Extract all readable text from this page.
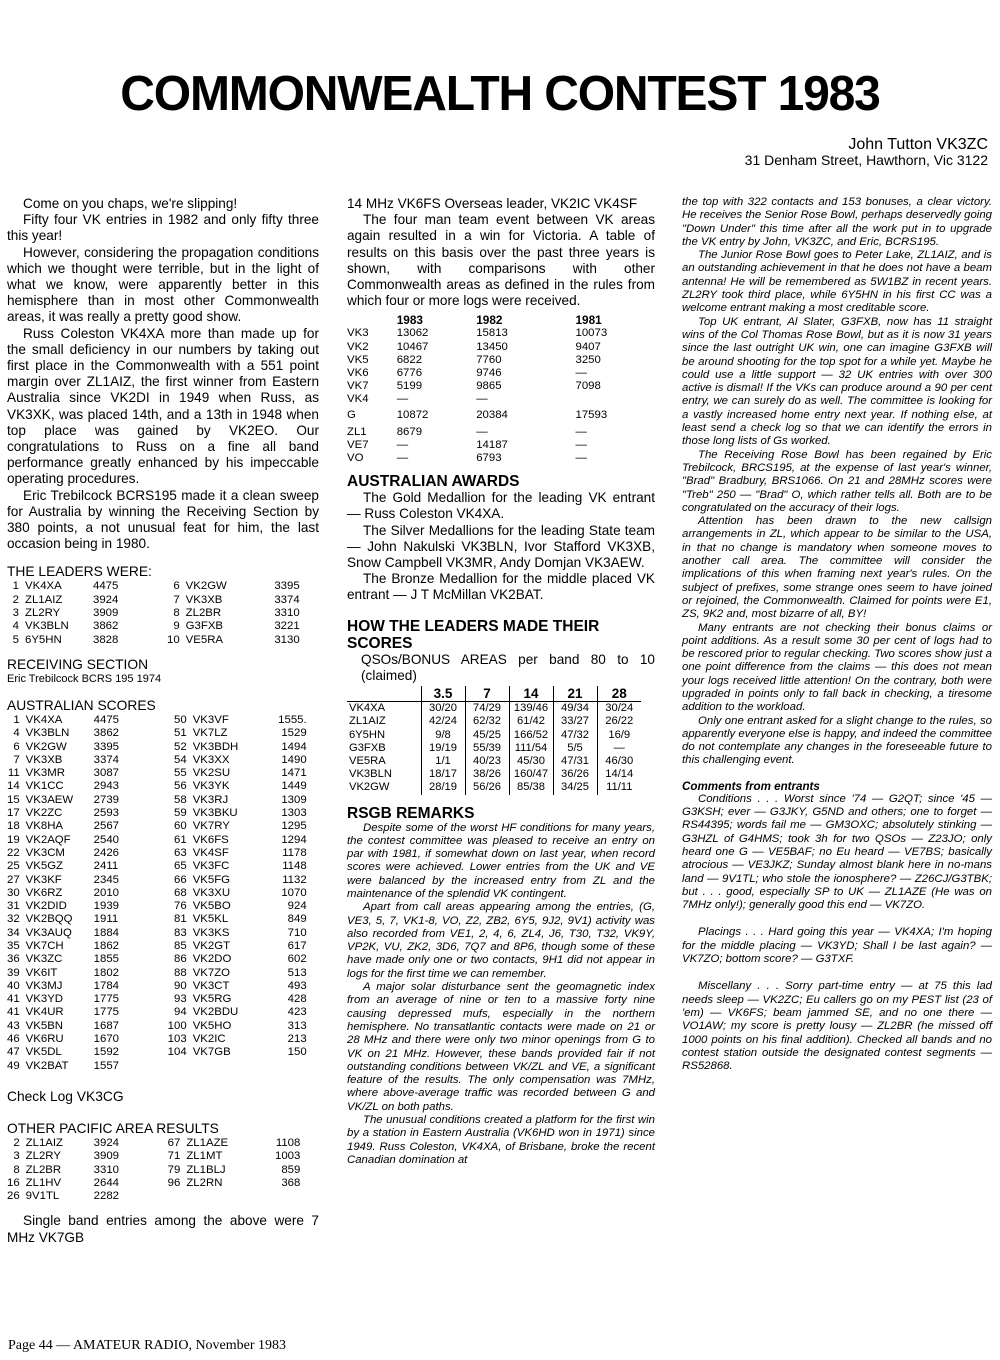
COMMONWEALTH CONTEST 1983
John Tutton VK3ZC
31 Denham Street, Hawthorn, Vic 3122
Come on you chaps, we're slipping!
Fifty four VK entries in 1982 and only fifty three this year!
However, considering the propagation conditions which we thought were terrible, but in the light of what we know, were apparently better in this hemisphere than in most other Commonwealth areas, it was really a pretty good show.
Russ Coleston VK4XA more than made up for the small deficiency in our numbers by taking out first place in the Commonwealth with a 551 point margin over ZL1AIZ, the first winner from Eastern Australia since VK2DI in 1949 when Russ, as VK3XK, was placed 14th, and a 13th in 1948 when top place was gained by VK2EO. Our congratulations to Russ on a fine all band performance greatly enhanced by his impeccable operating procedures.
Eric Trebilcock BCRS195 made it a clean sweep for Australia by winning the Receiving Section by 380 points, a not unusual feat for him, the last occasion being in 1980.
THE LEADERS WERE:
1	VK4XA	4475	6	VK2GW	3395
2	ZL1AIZ	3924	7	VK3XB	3374
3	ZL2RY	3909	8	ZL2BR	3310
4	VK3BLN	3862	9	G3FXB	3221
5	6Y5HN	3828	10	VE5RA	3130
RECEIVING SECTION
Eric Trebilcock BCRS 195 1974
AUSTRALIAN SCORES
1	VK4XA	4475	50	VK3VF	1555.
4	VK3BLN	3862	51	VK7LZ	1529
6	VK2GW	3395	52	VK3BDH	1494
7	VK3XB	3374	54	VK3XX	1490
11	VK3MR	3087	55	VK2SU	1471
14	VK1CC	2943	56	VK3YK	1449
15	VK3AEW	2739	58	VK3RJ	1309
17	VK2ZC	2593	59	VK3BKU	1303
18	VK8HA	2567	60	VK7RY	1295
19	VK2AQF	2540	61	VK6FS	1294
22	VK3CM	2426	63	VK4SF	1178
25	VK5GZ	2411	65	VK3FC	1148
27	VK3KF	2345	66	VK5FG	1132
30	VK6RZ	2010	68	VK3XU	1070
31	VK2DID	1939	76	VK5BO	924
32	VK2BQQ	1911	81	VK5KL	849
34	VK3AUQ	1884	83	VK3KS	710
35	VK7CH	1862	85	VK2GT	617
36	VK3ZC	1855	86	VK2DO	602
39	VK6IT	1802	88	VK7ZO	513
40	VK3MJ	1784	90	VK3CT	493
41	VK3YD	1775	93	VK5RG	428
41	VK4UR	1775	94	VK2BDU	423
43	VK5BN	1687	100	VK5HO	313
46	VK6RU	1670	103	VK2IC	213
47	VK5DL	1592	104	VK7GB	150
49	VK2BAT	1557			
Check Log VK3CG
OTHER PACIFIC AREA RESULTS
2	ZL1AIZ	3924	67	ZL1AZE	1108
3	ZL2RY	3909	71	ZL1MT	1003
8	ZL2BR	3310	79	ZL1BLJ	859
16	ZL1HV	2644	96	ZL2RN	368
26	9V1TL	2282			
Single band entries among the above were 7 MHz VK7GB
14 MHz VK6FS Overseas leader, VK2IC VK4SF
The four man team event between VK areas again resulted in a win for Victoria. A table of results on this basis over the past three years is shown, with comparisons with other Commonwealth areas as defined in the rules from which four or more logs were received.
	1983	1982	1981
VK3	13062	15813	10073
VK2	10467	13450	9407
VK5	6822	7760	3250
VK6	6776	9746	—
VK7	5199	9865	7098
VK4	—	—	
G	10872	20384	17593
ZL1	8679	—	—
VE7	—	14187	—
VO	—	6793	—
AUSTRALIAN AWARDS
The Gold Medallion for the leading VK entrant — Russ Coleston VK4XA.
The Silver Medallions for the leading State team — John Nakulski VK3BLN, Ivor Stafford VK3XB, Snow Campbell VK3MR, Andy Domjan VK3AEW.
The Bronze Medallion for the middle placed VK entrant — J T McMillan VK2BAT.
HOW THE LEADERS MADE THEIR SCORES
QSOs/BONUS AREAS per band 80 to 10 (claimed)
	3.5	7	14	21	28
VK4XA	30/20	74/29	139/46	49/34	30/24
ZL1AIZ	42/24	62/32	61/42	33/27	26/22
6Y5HN	9/8	45/25	166/52	47/32	16/9
G3FXB	19/19	55/39	111/54	5/5	—
VE5RA	1/1	40/23	45/30	47/31	46/30
VK3BLN	18/17	38/26	160/47	36/26	14/14
VK2GW	28/19	56/26	85/38	34/25	11/11
RSGB REMARKS
Despite some of the worst HF conditions for many years, the contest committee was pleased to receive an entry on par with 1981, if somewhat down on last year, when record scores were achieved. Lower entries from the UK and VE were balanced by the increased entry from ZL and the maintenance of the splendid VK contingent.
Apart from call areas appearing among the entries, (G, VE3, 5, 7, VK1-8, VO, Z2, ZB2, 6Y5, 9J2, 9V1) activity was also recorded from VE1, 2, 4, 6, ZL4, J6, T30, T32, VK9Y, VP2K, VU, ZK2, 3D6, 7Q7 and 8P6, though some of these have made only one or two contacts, 9H1 did not appear in logs for the first time we can remember.
A major solar disturbance sent the geomagnetic index from an average of nine or ten to a massive forty nine causing depressed mufs, especially in the northern hemisphere. No transatlantic contacts were made on 21 or 28 MHz and there were only two minor openings from G to VK on 21 MHz. However, these bands provided fair if not outstanding conditions between VK/ZL and VE, a significant feature of the results. The only compensation was 7MHz, where above-average traffic was recorded between G and VK/ZL on both paths.
The unusual conditions created a platform for the first win by a station in Eastern Australia (VK6HD won in 1971) since 1949. Russ Coleston, VK4XA, of Brisbane, broke the recent Canadian domination at
the top with 322 contacts and 153 bonuses, a clear victory. He receives the Senior Rose Bowl, perhaps deservedly going "Down Under" this time after all the work put in to upgrade the VK entry by John, VK3ZC, and Eric, BCRS195.
The Junior Rose Bowl goes to Peter Lake, ZL1AIZ, and is an outstanding achievement in that he does not have a beam antenna! He will be remembered as 5W1BZ in recent years. ZL2RY took third place, while 6Y5HN in his first CC was a welcome entrant making a most creditable score.
Top UK entrant, Al Slater, G3FXB, now has 11 straight wins of the Col Thomas Rose Bowl, but as it is now 31 years since the last outright UK win, one can imagine G3FXB will be around shooting for the top spot for a while yet. Maybe he could use a little support — 32 UK entries with over 300 active is dismal! If the VKs can produce around a 90 per cent entry, we can surely do as well. The committee is looking for a vastly increased home entry next year. If nothing else, at least send a check log so that we can identify the errors in those long lists of Gs worked.
The Receiving Rose Bowl has been regained by Eric Trebilcock, BRCS195, at the expense of last year's winner, "Brad" Bradbury, BRS1066. On 21 and 28MHz scores were "Treb" 250 — "Brad" O, which rather tells all. Both are to be congratulated on the accuracy of their logs.
Attention has been drawn to the new callsign arrangements in ZL, which appear to be similar to the USA, in that no change is mandatory when someone moves to another call area. The committee will consider the implications of this when framing next year's rules. On the subject of prefixes, some strange ones seem to have joined or rejoined, the Commonwealth. Claimed for points were E1, ZS, 9K2 and, most bizarre of all, BY!
Many entrants are not checking their bonus claims or point additions. As a result some 30 per cent of logs had to be rescored prior to regular checking. Two scores show just a one point difference from the claims — this does not mean your logs received little attention! On the contrary, both were upgraded in points only to fall back in checking, a tiresome addition to the workload.
Only one entrant asked for a slight change to the rules, so apparently everyone else is happy, and indeed the committee do not contemplate any changes in the foreseeable future to this challenging event.
Comments from entrants
Conditions . . . Worst since '74 — G2QT; since '45 — G3KSH; ever — G3JKY, G5ND and others; one to forget — RS44395; words fail me — GM3OXC; absolutely stinking — G3HZL of G4HMS; took 3h for two QSOs — Z23JO; only heard one G — VE5BAF; no Eu heard — VE7BS; basically atrocious — VE3JKZ; Sunday almost blank here in no-mans land — 9V1TL; who stole the ionosphere? — Z26CJ/G3TBK; but . . . good, especially SP to UK — ZL1AZE (He was on 7MHz only!); generally good this end — VK7ZO.
Placings . . . Hard going this year — VK4XA; I'm hoping for the middle placing — VK3YD; Shall I be last again? — VK7ZO; bottom score? — G3TXF.
Miscellany . . . Sorry part-time entry — at 75 this lad needs sleep — VK2ZC; Eu callers go on my PEST list (23 of 'em) — VK6FS; beam jammed SE, and no one there — VO1AW; my score is pretty lousy — ZL2BR (he missed off 1000 points on his final addition). Checked all bands and no contest station outside the designated contest segments — RS52868.
Page 44 — AMATEUR RADIO, November 1983
